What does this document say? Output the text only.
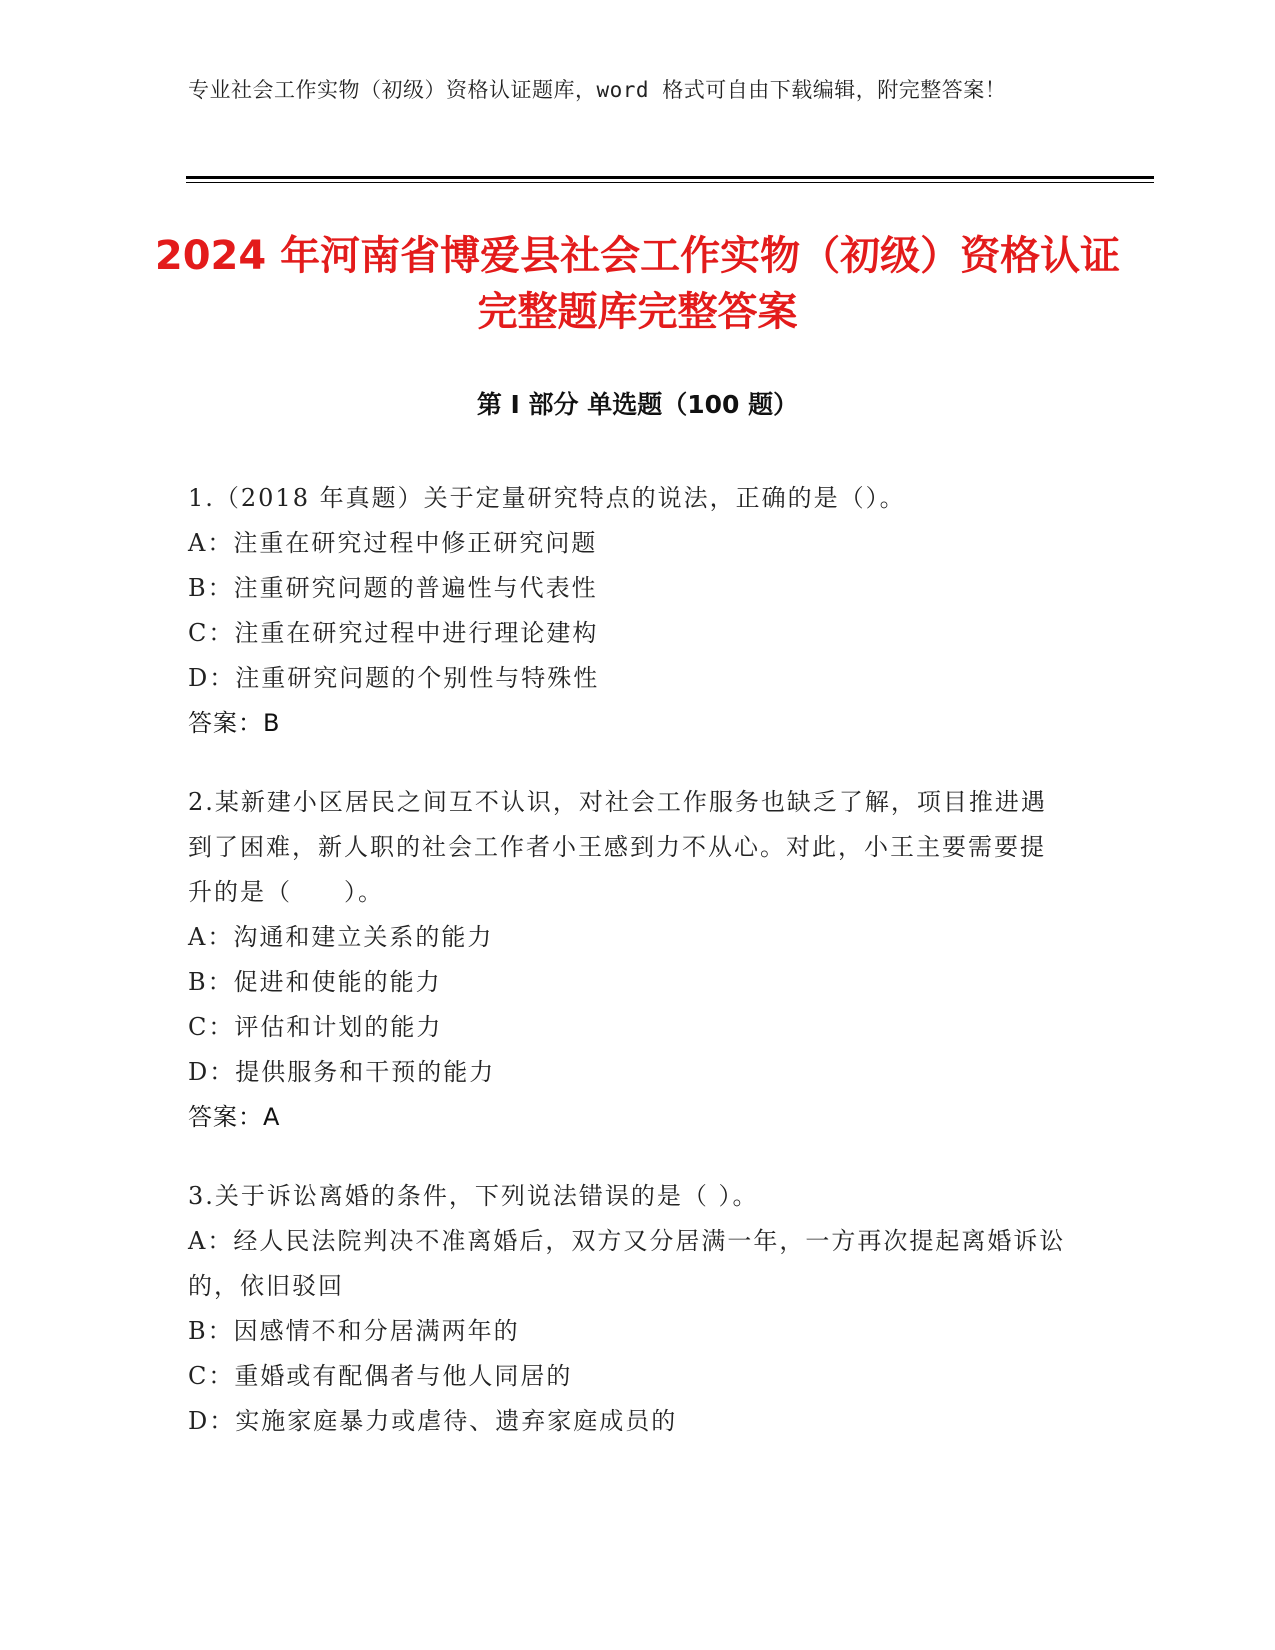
专业社会工作实物（初级）资格认证题库，word 格式可自由下载编辑，附完整答案！
2024 年河南省博爱县社会工作实物（初级）资格认证完整题库完整答案
第 I 部分 单选题（100 题）
1.（2018 年真题）关于定量研究特点的说法，正确的是（）。
A：注重在研究过程中修正研究问题
B：注重研究问题的普遍性与代表性
C：注重在研究过程中进行理论建构
D：注重研究问题的个别性与特殊性
答案：B
2.某新建小区居民之间互不认识，对社会工作服务也缺乏了解，项目推进遇到了困难，新人职的社会工作者小王感到力不从心。对此，小王主要需要提升的是（　　）。
A：沟通和建立关系的能力
B：促进和使能的能力
C：评估和计划的能力
D：提供服务和干预的能力
答案：A
3.关于诉讼离婚的条件，下列说法错误的是（ ）。
A：经人民法院判决不准离婚后，双方又分居满一年，一方再次提起离婚诉讼的，依旧驳回
B：因感情不和分居满两年的
C：重婚或有配偶者与他人同居的
D：实施家庭暴力或虐待、遗弃家庭成员的
